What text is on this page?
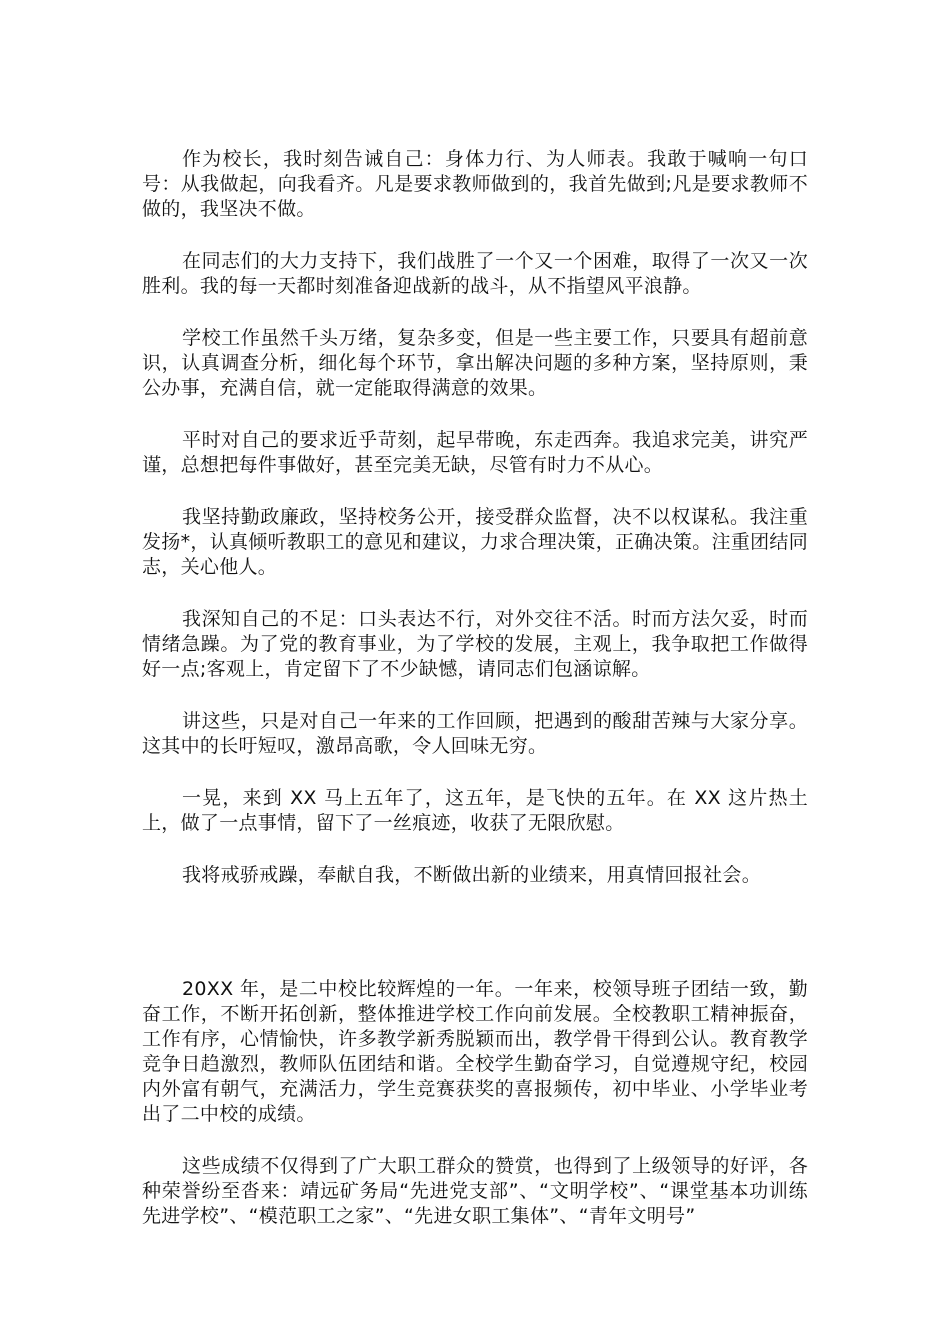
作为校长，我时刻告诫自己：身体力行、为人师表。我敢于喊响一句口号：从我做起，向我看齐。凡是要求教师做到的，我首先做到;凡是要求教师不做的，我坚决不做。

在同志们的大力支持下，我们战胜了一个又一个困难，取得了一次又一次胜利。我的每一天都时刻准备迎战新的战斗，从不指望风平浪静。

学校工作虽然千头万绪，复杂多变，但是一些主要工作，只要具有超前意识，认真调查分析，细化每个环节，拿出解决问题的多种方案，坚持原则，秉公办事，充满自信，就一定能取得满意的效果。

平时对自己的要求近乎苛刻，起早带晚，东走西奔。我追求完美，讲究严谨，总想把每件事做好，甚至完美无缺，尽管有时力不从心。

我坚持勤政廉政，坚持校务公开，接受群众监督，决不以权谋私。我注重发扬*，认真倾听教职工的意见和建议，力求合理决策，正确决策。注重团结同志，关心他人。

我深知自己的不足：口头表达不行，对外交往不活。时而方法欠妥，时而情绪急躁。为了党的教育事业，为了学校的发展，主观上，我争取把工作做得好一点;客观上，肯定留下了不少缺憾，请同志们包涵谅解。

讲这些，只是对自己一年来的工作回顾，把遇到的酸甜苦辣与大家分享。这其中的长吁短叹，激昂高歌，令人回味无穷。

一晃，来到 XX 马上五年了，这五年，是飞快的五年。在 XX 这片热土上，做了一点事情，留下了一丝痕迹，收获了无限欣慰。

我将戒骄戒躁，奉献自我，不断做出新的业绩来，用真情回报社会。

20XX 年，是二中校比较辉煌的一年。一年来，校领导班子团结一致，勤奋工作，不断开拓创新，整体推进学校工作向前发展。全校教职工精神振奋，工作有序，心情愉快，许多教学新秀脱颖而出，教学骨干得到公认。教育教学竞争日趋激烈，教师队伍团结和谐。全校学生勤奋学习，自觉遵规守纪，校园内外富有朝气，充满活力，学生竞赛获奖的喜报频传，初中毕业、小学毕业考出了二中校的成绩。

这些成绩不仅得到了广大职工群众的赞赏，也得到了上级领导的好评，各种荣誉纷至沓来：靖远矿务局“先进党支部”、“文明学校”、“课堂基本功训练先进学校”、“模范职工之家”、“先进女职工集体”、“青年文明号”
